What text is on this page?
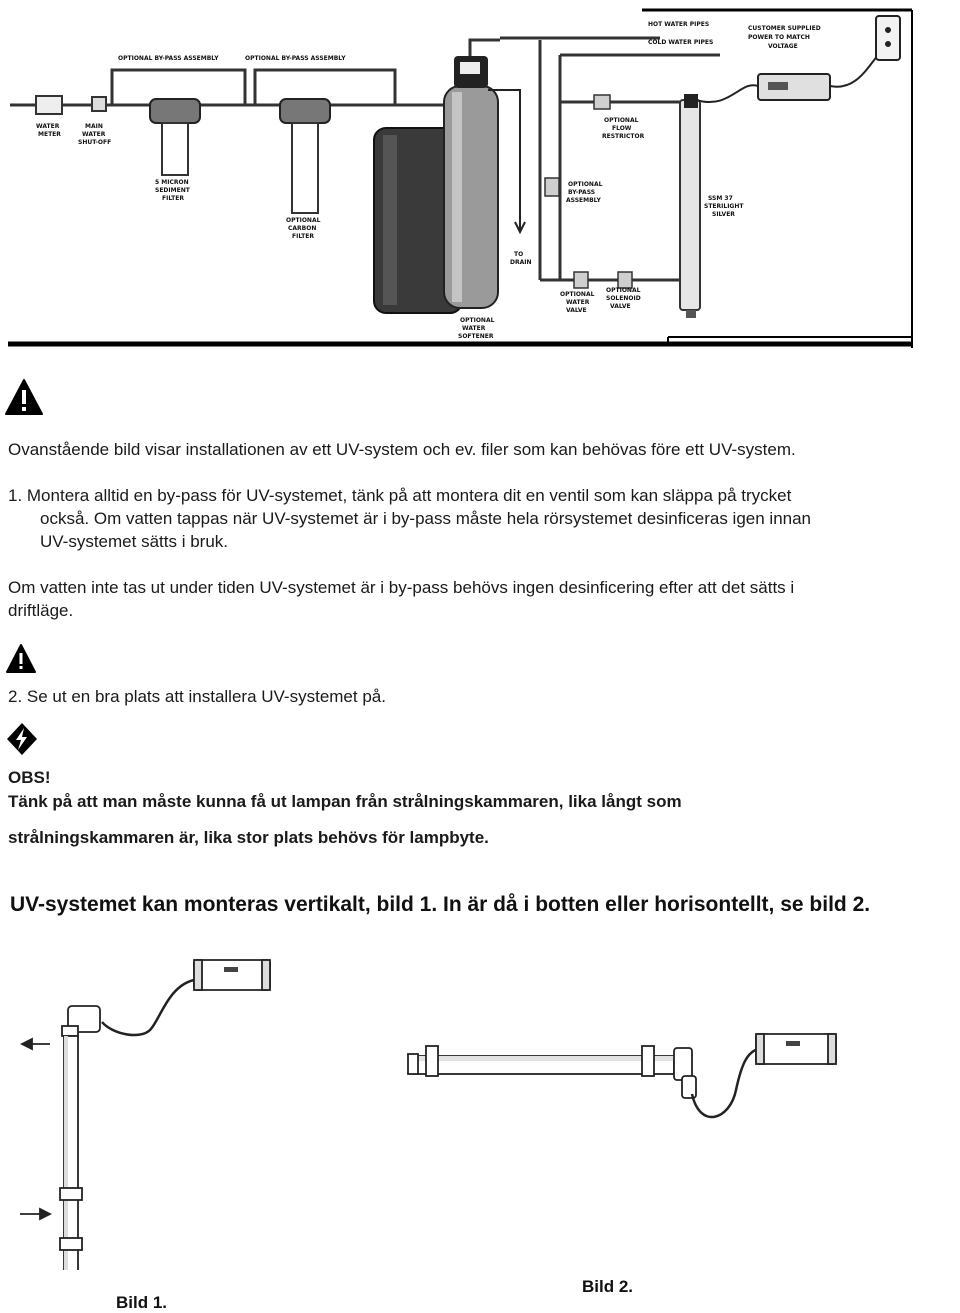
HOT WATER PIPES
COLD WATER PIPES
CUSTOMER SUPPLIED
POWER TO MATCH
VOLTAGE
OPTIONAL BY-PASS ASSEMBLY	OPTIONAL BY-PASS ASSEMBLY
WATER
METER
MAIN
WATER
SHUT-OFF
5 MICRON
SEDIMENT
FILTER
OPTIONAL
CARBON
FILTER
OPTIONAL
FLOW
RESTRICTOR
OPTIONAL
BY-PASS
ASSEMBLY	SSM 37
STERILIGHT
SILVER
TO
DRAIN
OPTIONAL
WATER
SOFTENER
OPTIONAL
WATER
VALVE
OPTIONAL
SOLENOID
VALVE
Ovanstående bild visar installationen av ett UV-system och ev. filer som kan behövas före ett UV-system.
1. Montera alltid en by-pass för UV-systemet, tänk på att montera dit en ventil som kan släppa på trycket
också. Om vatten tappas när UV-systemet är i by-pass måste hela rörsystemet desinficeras igen innan
UV-systemet sätts i bruk.
Om vatten inte tas ut under tiden UV-systemet är i by-pass behövs ingen desinficering efter att det sätts i
driftläge.
2. Se ut en bra plats att installera UV-systemet på.
OBS!
Tänk på att man måste kunna få ut lampan från strålningskammaren, lika långt som
strålningskammaren är, lika stor plats behövs för lampbyte.
UV-systemet kan monteras vertikalt, bild 1. In är då i botten eller horisontellt, se bild 2.
Bild 2.
Bild 1.
